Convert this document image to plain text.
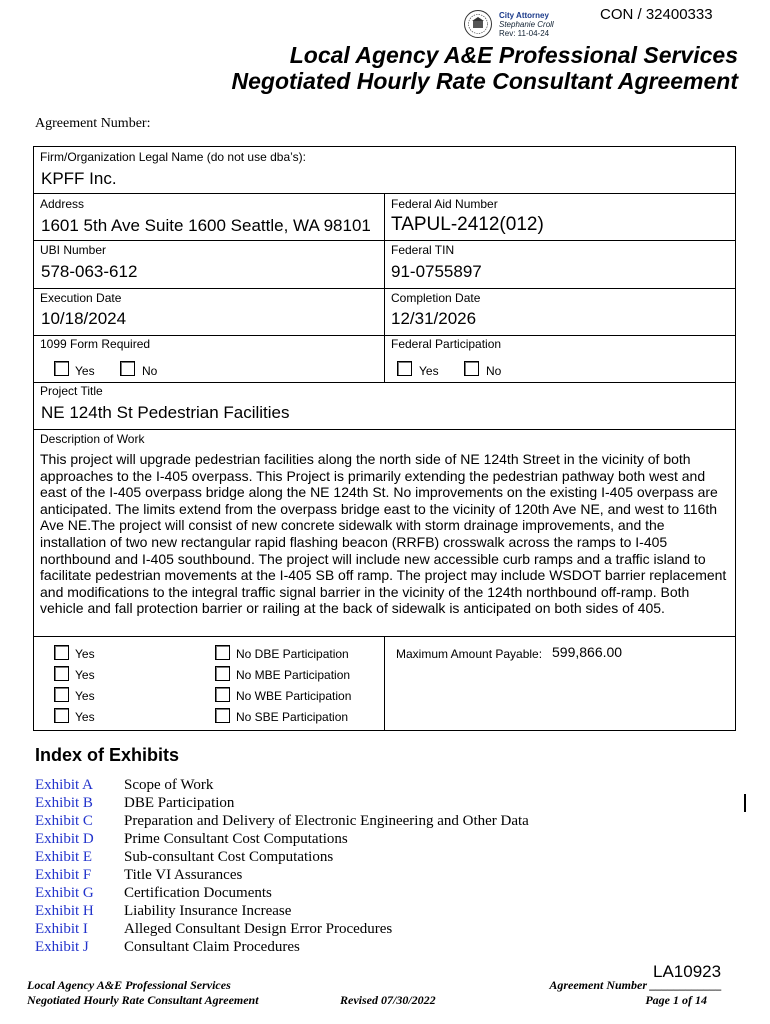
CON / 32400333
City Attorney
Stephanie Croll
Rev: 11-04-24
Local Agency A&E Professional Services
Negotiated Hourly Rate Consultant Agreement
Agreement Number:
Firm/Organization Legal Name (do not use dba’s):
KPFF Inc.
Address
1601 5th Ave Suite 1600 Seattle, WA 98101
Federal Aid Number
TAPUL-2412(012)
UBI Number
578-063-612
Federal TIN
91-0755897
Execution Date
10/18/2024
Completion Date
12/31/2026
1099 Form Required
Yes	No
Federal Participation
Yes	No
Project Title
NE 124th St Pedestrian Facilities
Description of Work
This project will upgrade pedestrian facilities along the north side of NE 124th Street in the vicinity of both approaches to the I-405 overpass. This Project is primarily extending the pedestrian pathway both west and east of the I-405 overpass bridge along the NE 124th St. No improvements on the existing I-405 overpass are anticipated. The limits extend from the overpass bridge east to the vicinity of 120th Ave NE, and west to 116th Ave NE.The project will consist of new concrete sidewalk with storm drainage improvements, and the installation of two new rectangular rapid flashing beacon (RRFB) crosswalk across the ramps to I-405 northbound and I-405 southbound. The project will include new accessible curb ramps and a traffic island to facilitate pedestrian movements at the I-405 SB off ramp. The project may include WSDOT barrier replacement and modifications to the integral traffic signal barrier in the vicinity of the 124th northbound off-ramp. Both vehicle and fall protection barrier or railing at the back of sidewalk is anticipated on both sides of 405.
Yes	No DBE Participation
Yes	No MBE Participation
Yes	No WBE Participation
Yes	No SBE Participation
Maximum Amount Payable: 599,866.00
Index of Exhibits
Exhibit A Scope of Work
Exhibit B DBE Participation
Exhibit C Preparation and Delivery of Electronic Engineering and Other Data
Exhibit D Prime Consultant Cost Computations
Exhibit E Sub-consultant Cost Computations
Exhibit F Title VI Assurances
Exhibit G Certification Documents
Exhibit H Liability Insurance Increase
Exhibit I Alleged Consultant Design Error Procedures
Exhibit J Consultant Claim Procedures
LA10923
Local Agency A&E Professional Services
Negotiated Hourly Rate Consultant Agreement	Revised 07/30/2022
Agreement Number ____________
Page 1 of 14
